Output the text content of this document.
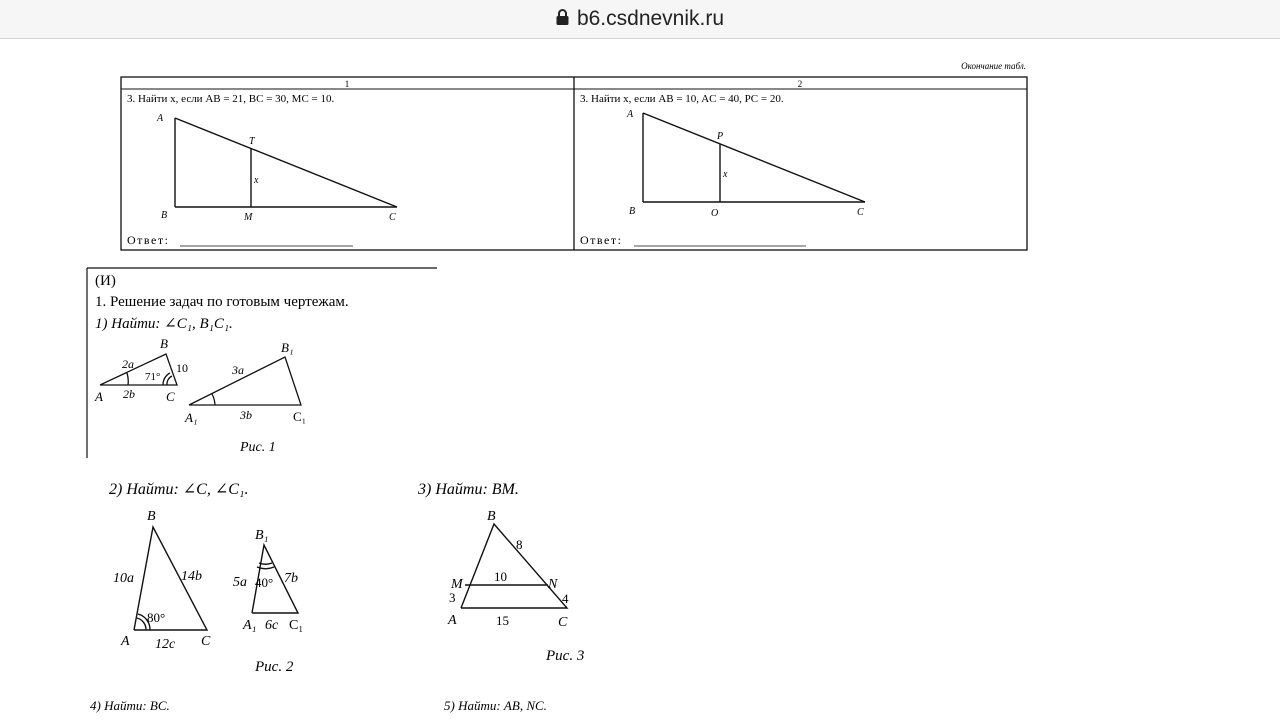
b6.csdnevnik.ru
Окончание табл.
1	2
3. Найти x, если AB = 21, BC = 30, MC = 10.
A
B
T
M	C
x
Ответ:
3. Найти x, если AB = 10, AC = 40, PC = 20.
A
B
P
O	C
x
Ответ:
(И)
1. Решение задач по готовым чертежам.
1) Найти: ∠C₁, B₁C₁.
A
B
C
2a
2b
10
71°
A₁
B₁
C₁
3a
3b
Рис. 1
2) Найти: ∠C, ∠C₁.
B
A	C
10a	14b
12c
80°
B₁
A₁ C₁
5a	7b
6c
40°
Рис. 2
3) Найти: BM.
B
M	N
A	C
8
10
3	4
15
Рис. 3
4) Найти: BC.	5) Найти: AB, NC.
